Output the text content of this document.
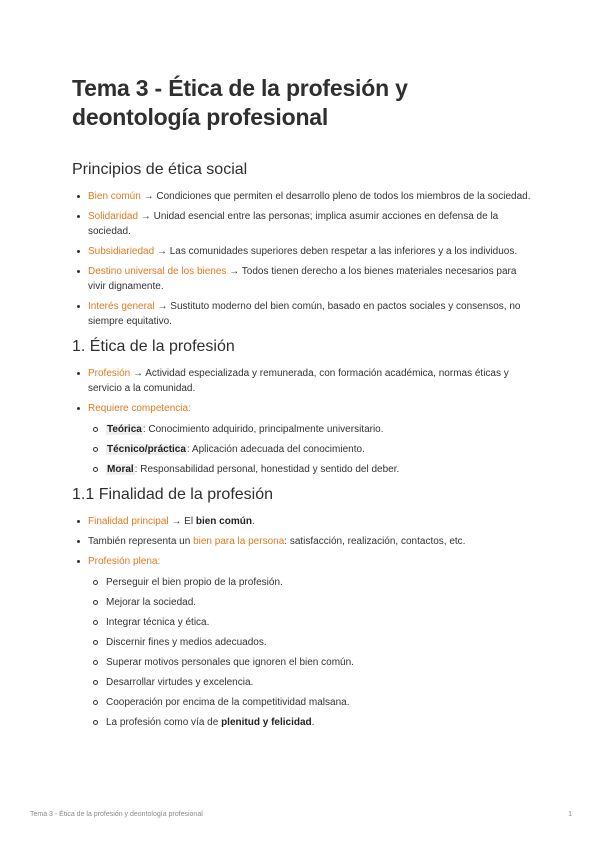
Tema 3 - Ética de la profesión y deontología profesional
Principios de ética social
Bien común → Condiciones que permiten el desarrollo pleno de todos los miembros de la sociedad.
Solidaridad → Unidad esencial entre las personas; implica asumir acciones en defensa de la sociedad.
Subsidiariedad → Las comunidades superiores deben respetar a las inferiores y a los individuos.
Destino universal de los bienes → Todos tienen derecho a los bienes materiales necesarios para vivir dignamente.
Interés general → Sustituto moderno del bien común, basado en pactos sociales y consensos, no siempre equitativo.
1. Ética de la profesión
Profesión → Actividad especializada y remunerada, con formación académica, normas éticas y servicio a la comunidad.
Requiere competencia:
Teórica: Conocimiento adquirido, principalmente universitario.
Técnico/práctica: Aplicación adecuada del conocimiento.
Moral: Responsabilidad personal, honestidad y sentido del deber.
1.1 Finalidad de la profesión
Finalidad principal → El bien común.
También representa un bien para la persona: satisfacción, realización, contactos, etc.
Profesión plena:
Perseguir el bien propio de la profesión.
Mejorar la sociedad.
Integrar técnica y ética.
Discernir fines y medios adecuados.
Superar motivos personales que ignoren el bien común.
Desarrollar virtudes y excelencia.
Cooperación por encima de la competitividad malsana.
La profesión como vía de plenitud y felicidad.
Tema 3 - Ética de la profesión y deontología profesional	1
